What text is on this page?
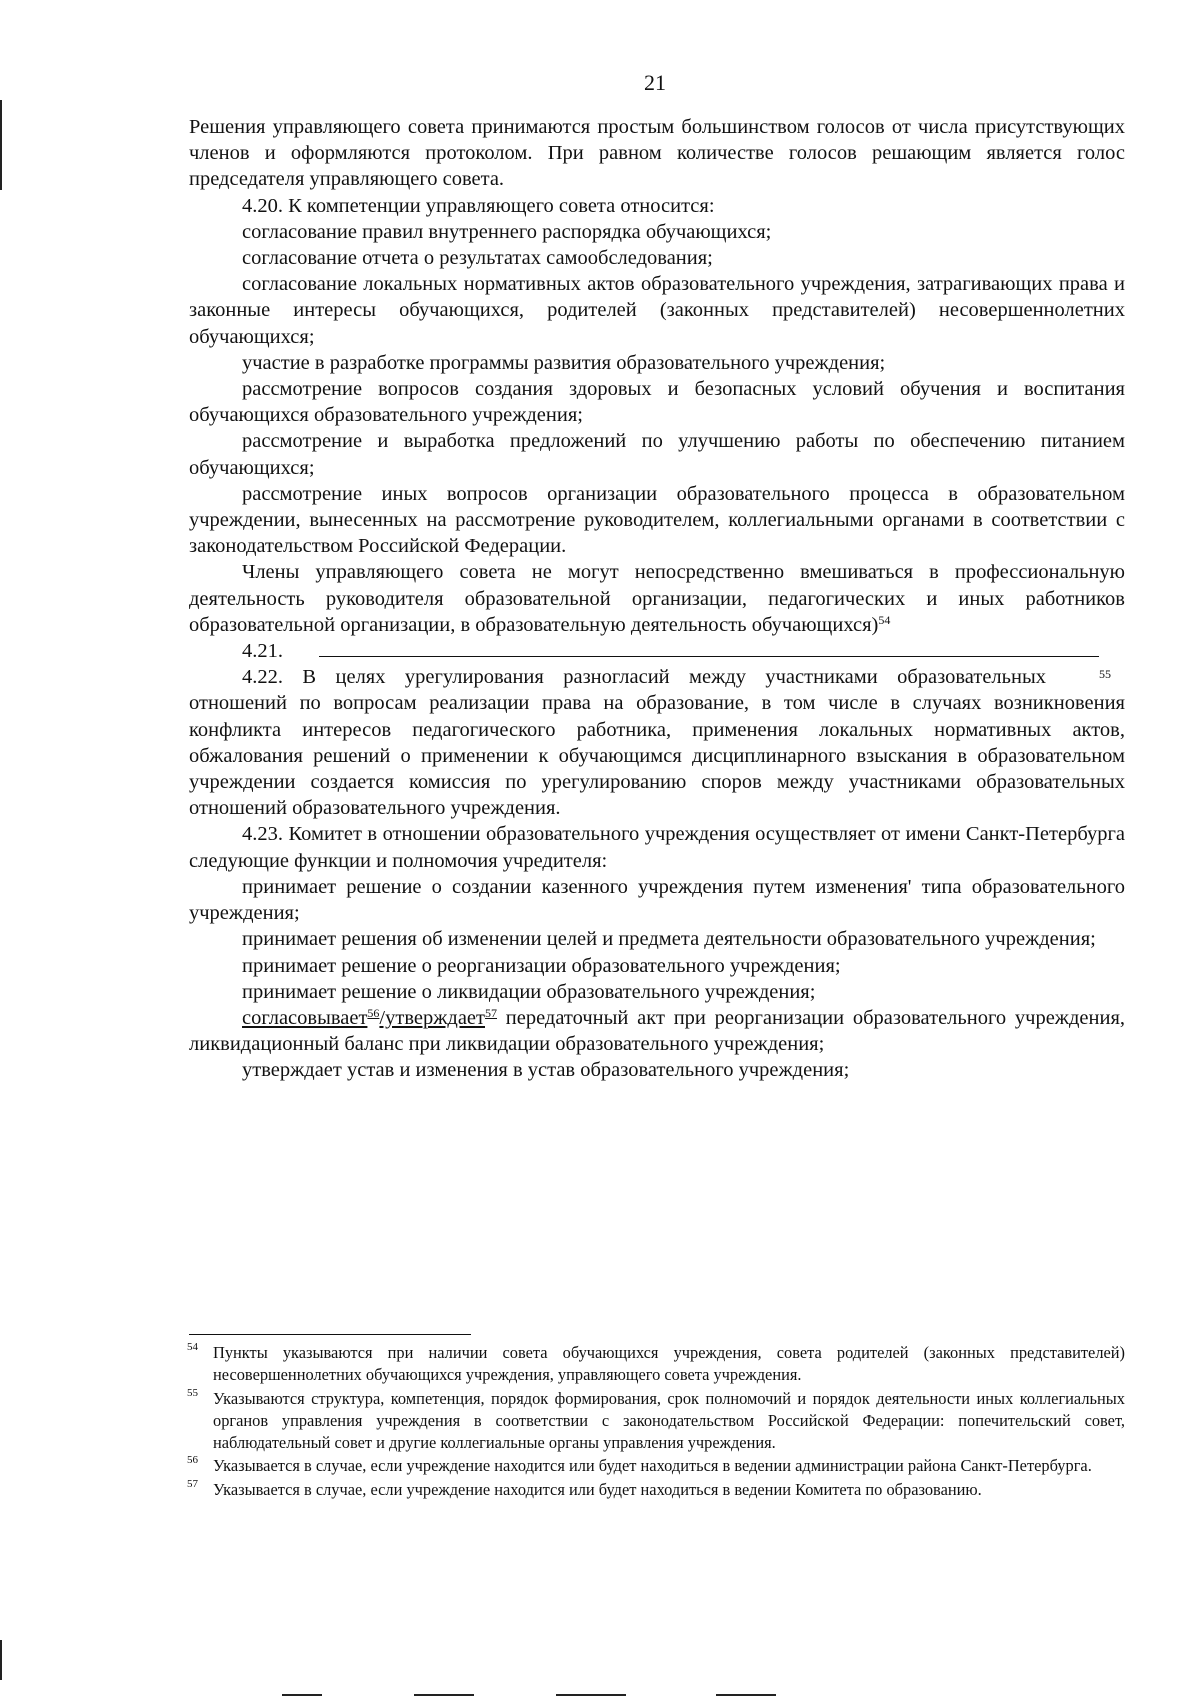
21

Решения управляющего совета принимаются простым большинством голосов от числа присутствующих членов и оформляются протоколом. При равном количестве голосов решающим является голос председателя управляющего совета.

4.20. К компетенции управляющего совета относится:

согласование правил внутреннего распорядка обучающихся;

согласование отчета о результатах самообследования;

согласование локальных нормативных актов образовательного учреждения, затрагивающих права и законные интересы обучающихся, родителей (законных представителей) несовершеннолетних обучающихся;

участие в разработке программы развития образовательного учреждения;

рассмотрение вопросов создания здоровых и безопасных условий обучения и воспитания обучающихся образовательного учреждения;

рассмотрение и выработка предложений по улучшению работы по обеспечению питанием обучающихся;

рассмотрение иных вопросов организации образовательного процесса в образовательном учреждении, вынесенных на рассмотрение руководителем, коллегиальными органами в соответствии с законодательством Российской Федерации.

Члены управляющего совета не могут непосредственно вмешиваться в профессиональную деятельность руководителя образовательной организации, педагогических и иных работников образовательной организации, в образовательную деятельность обучающихся)$^{54}$

4.21.
55

4.22. В целях урегулирования разногласий между участниками образовательных отношений по вопросам реализации права на образование, в том числе в случаях возникновения конфликта интересов педагогического работника, применения локальных нормативных актов, обжалования решений о применении к обучающимся дисциплинарного взыскания в образовательном учреждении создается комиссия по урегулированию споров между участниками образовательных отношений образовательного учреждения.

4.23. Комитет в отношении образовательного учреждения осуществляет от имени Санкт-Петербурга следующие функции и полномочия учредителя:

принимает решение о создании казенного учреждения путем изменения' типа образовательного учреждения;

принимает решения об изменении целей и предмета деятельности образовательного учреждения;

принимает решение о реорганизации образовательного учреждения;

принимает решение о ликвидации образовательного учреждения;

согласовывает$^{56}$/утверждает$^{57}$ передаточный акт при реорганизации образовательного учреждения, ликвидационный баланс при ликвидации образовательного учреждения;

утверждает устав и изменения в устав образовательного учреждения;

54 Пункты указываются при наличии совета обучающихся учреждения, совета родителей (законных представителей) несовершеннолетних обучающихся учреждения, управляющего совета учреждения.
55 Указываются структура, компетенция, порядок формирования, срок полномочий и порядок деятельности иных коллегиальных органов управления учреждения в соответствии с законодательством Российской Федерации: попечительский совет, наблюдательный совет и другие коллегиальные органы управления учреждения.
56 Указывается в случае, если учреждение находится или будет находиться в ведении администрации района Санкт-Петербурга.
57 Указывается в случае, если учреждение находится или будет находиться в ведении Комитета по образованию.
